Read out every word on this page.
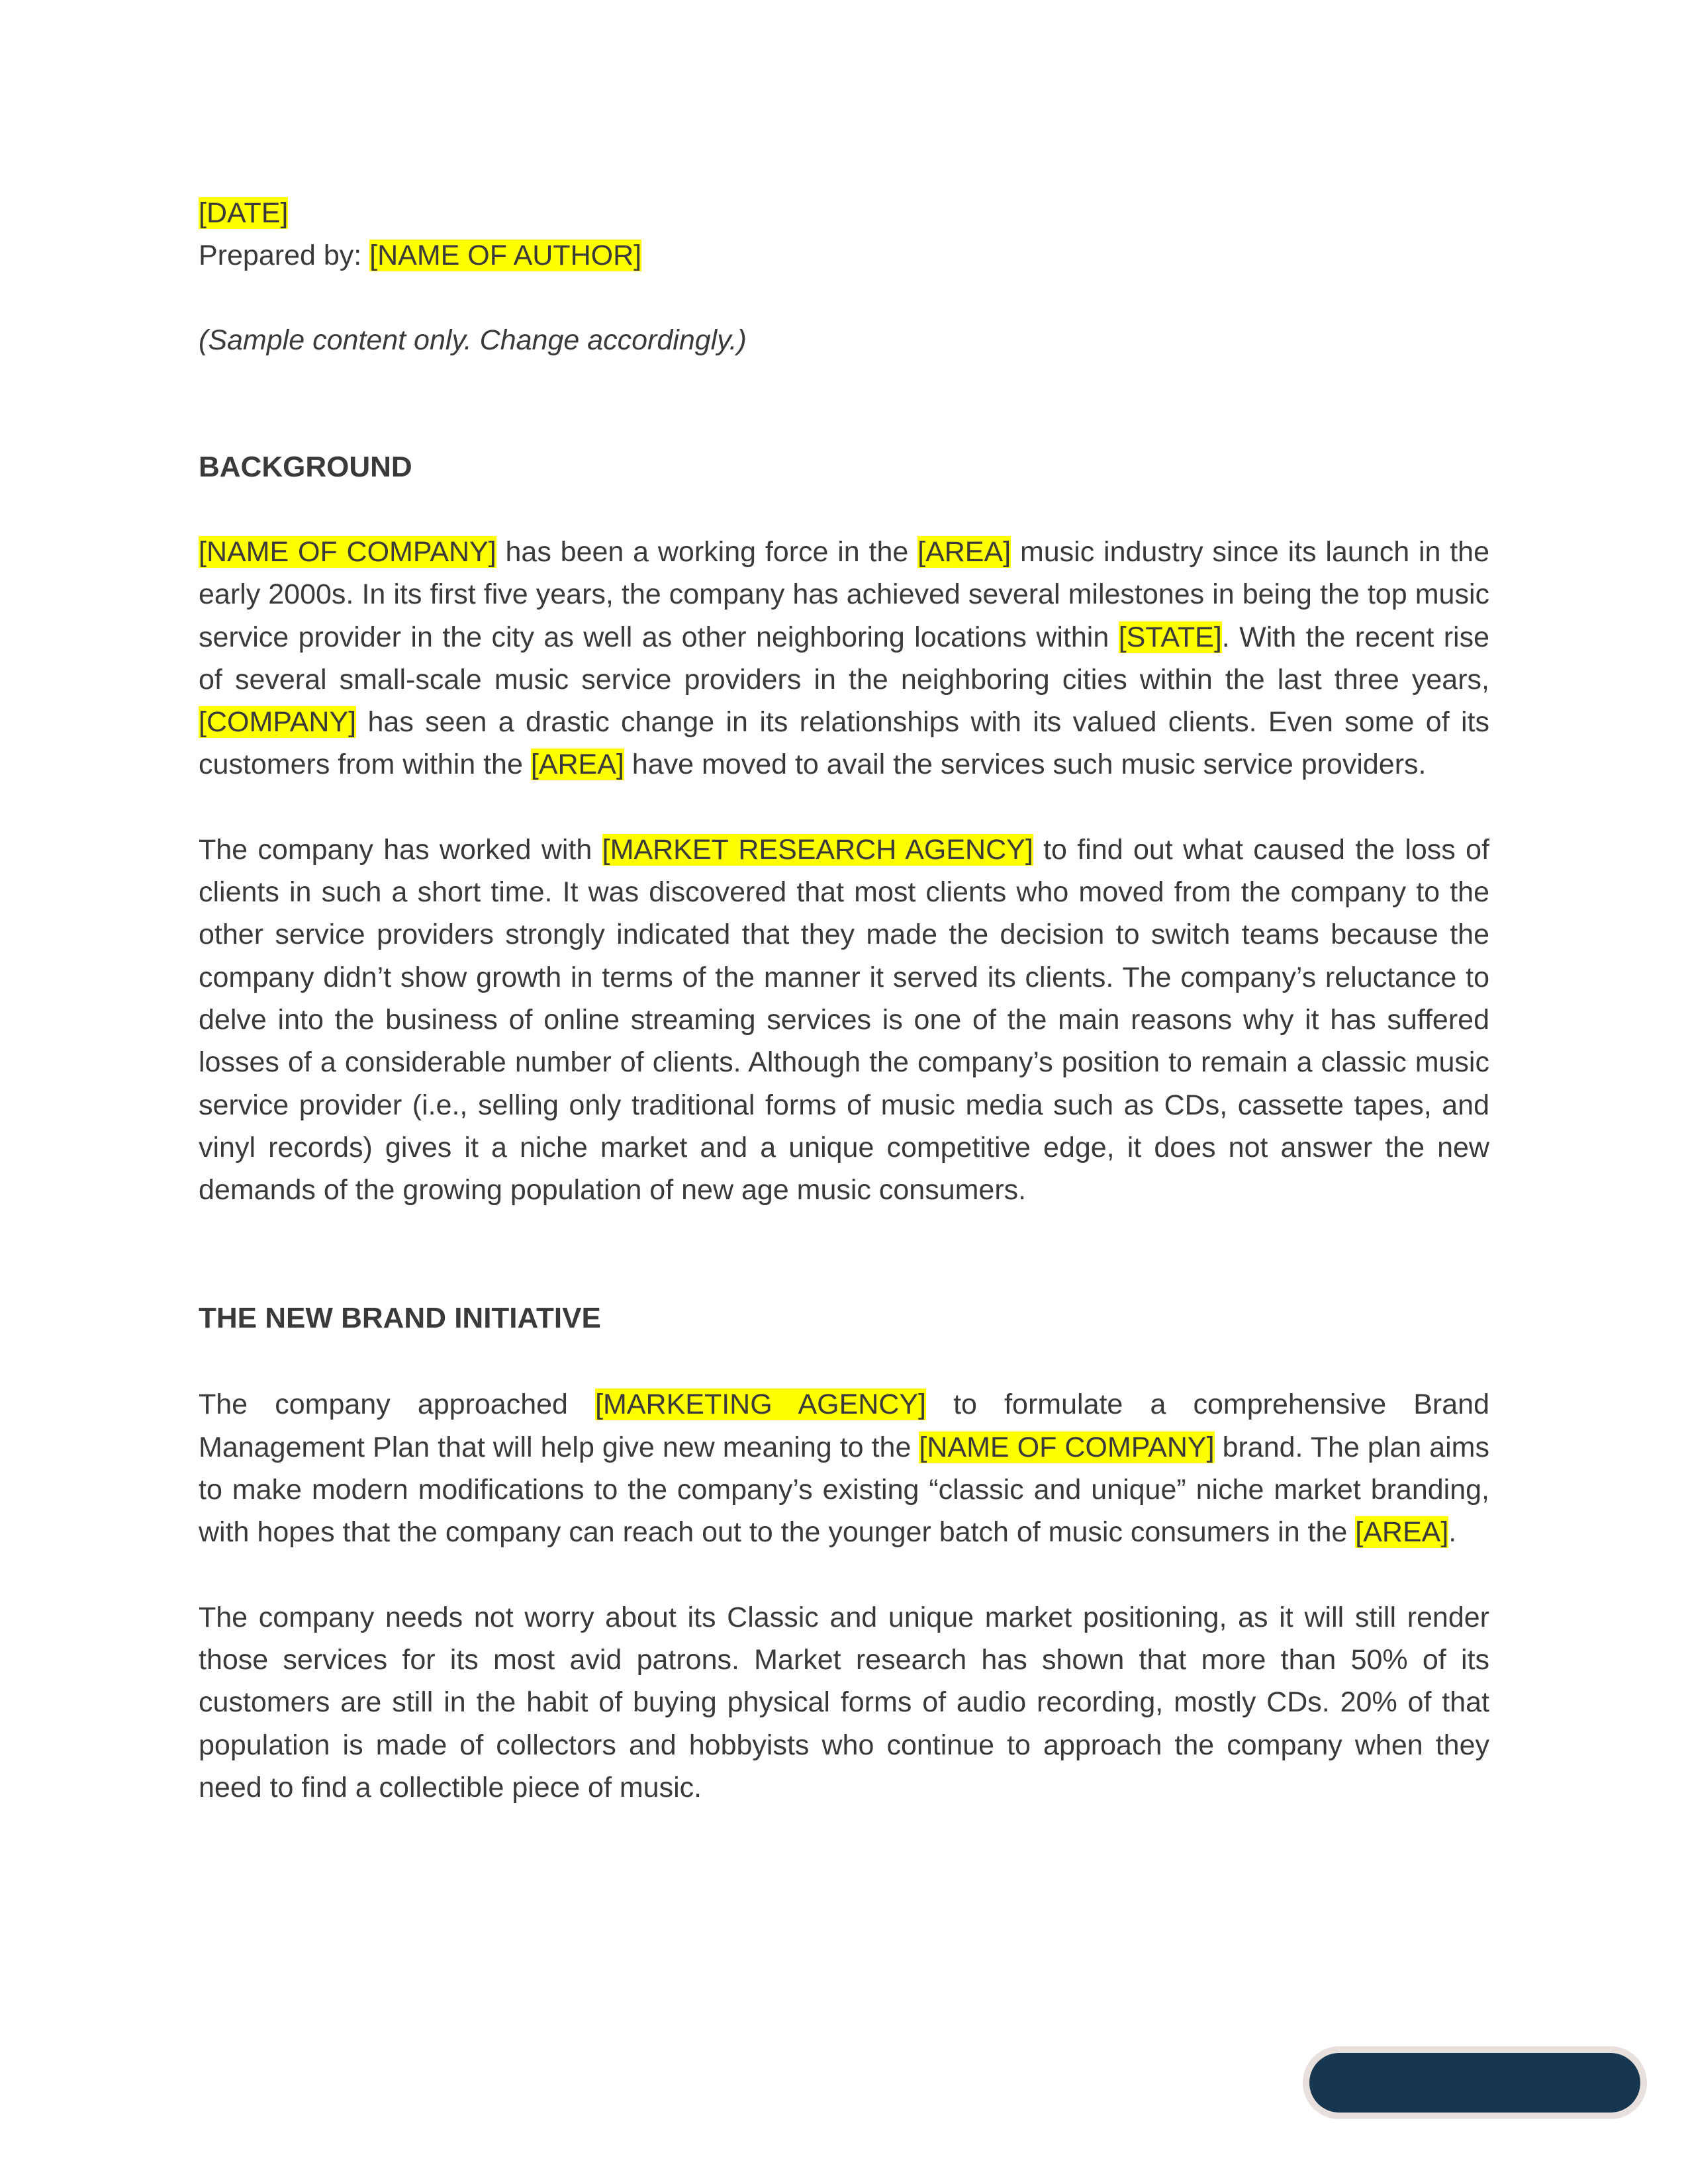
[DATE]

Prepared by: [NAME OF AUTHOR]

(Sample content only. Change accordingly.)

BACKGROUND

[NAME OF COMPANY] has been a working force in the [AREA] music industry since its launch in the early 2000s. In its first five years, the company has achieved several milestones in being the top music service provider in the city as well as other neighboring locations within [STATE]. With the recent rise of several small-scale music service providers in the neighboring cities within the last three years, [COMPANY] has seen a drastic change in its relationships with its valued clients. Even some of its customers from within the [AREA] have moved to avail the services such music service providers.

The company has worked with [MARKET RESEARCH AGENCY] to find out what caused the loss of clients in such a short time. It was discovered that most clients who moved from the company to the other service providers strongly indicated that they made the decision to switch teams because the company didn’t show growth in terms of the manner it served its clients. The company’s reluctance to delve into the business of online streaming services is one of the main reasons why it has suffered losses of a considerable number of clients. Although the company’s position to remain a classic music service provider (i.e., selling only traditional forms of music media such as CDs, cassette tapes, and vinyl records) gives it a niche market and a unique competitive edge, it does not answer the new demands of the growing population of new age music consumers.

THE NEW BRAND INITIATIVE

The company approached [MARKETING AGENCY] to formulate a comprehensive Brand Management Plan that will help give new meaning to the [NAME OF COMPANY] brand. The plan aims to make modern modifications to the company’s existing “classic and unique” niche market branding, with hopes that the company can reach out to the younger batch of music consumers in the [AREA].

The company needs not worry about its Classic and unique market positioning, as it will still render those services for its most avid patrons. Market research has shown that more than 50% of its customers are still in the habit of buying physical forms of audio recording, mostly CDs. 20% of that population is made of collectors and hobbyists who continue to approach the company when they need to find a collectible piece of music.
